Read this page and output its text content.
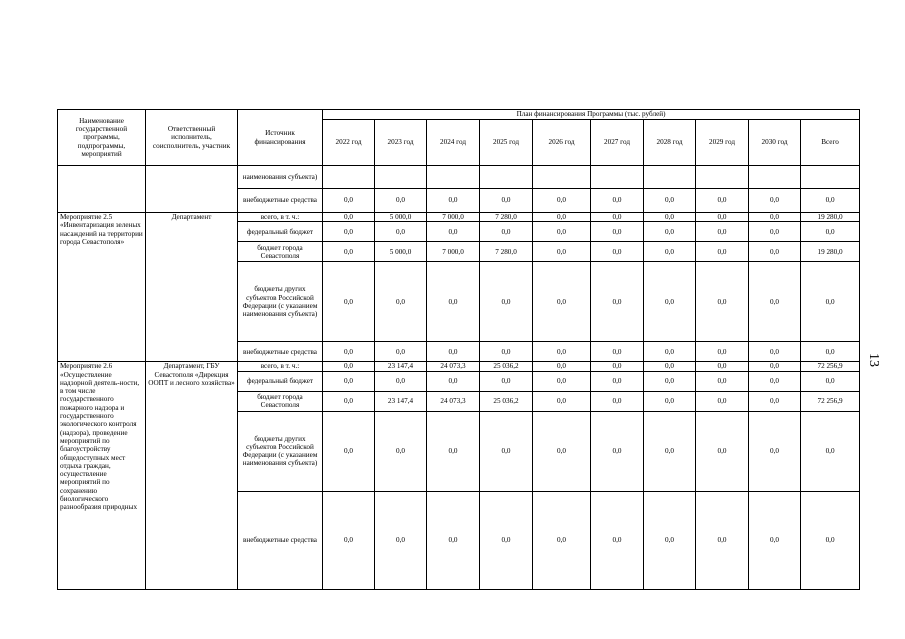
13
Наименование государственной программы, подпрограммы, мероприятий	Ответственный исполнитель, соисполнитель, участник	Источник финансирования	План финансирования Программы (тыс. рублей)									
			2022 год	2023 год	2024 год	2025 год	2026 год	2027 год	2028 год	2029 год	2030 год	Всего
		наименования субъекта)										
		внебюджетные средства	0,0	0,0	0,0	0,0	0,0	0,0	0,0	0,0	0,0	0,0
Мероприятие 2.5 «Инвентаризация зеленых насаждений на территории города Севастополя»	Департамент	всего, в т. ч.:	0,0	5 000,0	7 000,0	7 280,0	0,0	0,0	0,0	0,0	0,0	19 280,0
		федеральный бюджет	0,0	0,0	0,0	0,0	0,0	0,0	0,0	0,0	0,0	0,0
		бюджет города Севастополя	0,0	5 000,0	7 000,0	7 280,0	0,0	0,0	0,0	0,0	0,0	19 280,0
		бюджеты других субъектов Российской Федерации (с указанием наименования субъекта)	0,0	0,0	0,0	0,0	0,0	0,0	0,0	0,0	0,0	0,0
		внебюджетные средства	0,0	0,0	0,0	0,0	0,0	0,0	0,0	0,0	0,0	0,0
Мероприятие 2.6 «Осуществление надзорной деятель-ности, в том числе государственного пожарного надзора и государственного экологического контроля (надзора), проведение мероприятий по благоустройству общедоступных мест отдыха граждан, осуществление мероприятий по сохранению биологического разнообразия природных	Департамент, ГБУ Севастополя «Дирекция ООПТ и лесного хозяйства»	всего, в т. ч.:	0,0	23 147,4	24 073,3	25 036,2	0,0	0,0	0,0	0,0	0,0	72 256,9
		федеральный бюджет	0,0	0,0	0,0	0,0	0,0	0,0	0,0	0,0	0,0	0,0
		бюджет города Севастополя	0,0	23 147,4	24 073,3	25 036,2	0,0	0,0	0,0	0,0	0,0	72 256,9
		бюджеты других субъектов Российской Федерации (с указанием наименования субъекта)	0,0	0,0	0,0	0,0	0,0	0,0	0,0	0,0	0,0	0,0
		внебюджетные средства	0,0	0,0	0,0	0,0	0,0	0,0	0,0	0,0	0,0	0,0
